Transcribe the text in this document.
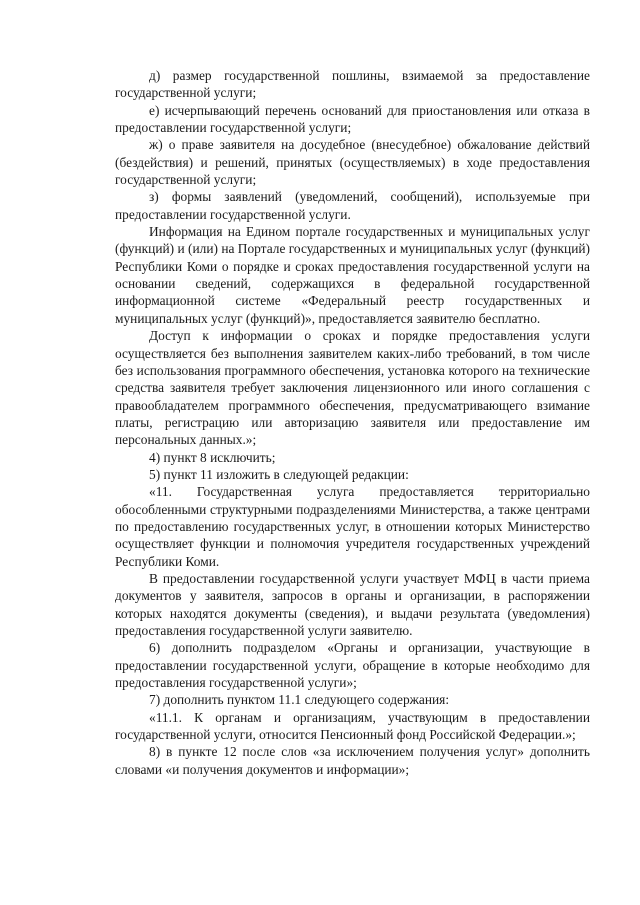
д) размер государственной пошлины, взимаемой за предоставление государственной услуги;

е) исчерпывающий перечень оснований для приостановления или отказа в предоставлении государственной услуги;

ж) о праве заявителя на досудебное (внесудебное) обжалование действий (бездействия) и решений, принятых (осуществляемых) в ходе предоставления государственной услуги;

з) формы заявлений (уведомлений, сообщений), используемые при предоставлении государственной услуги.

Информация на Едином портале государственных и муниципальных услуг (функций) и (или) на Портале государственных и муниципальных услуг (функций) Республики Коми о порядке и сроках предоставления государственной услуги на основании сведений, содержащихся в федеральной государственной информационной системе «Федеральный реестр государственных и муниципальных услуг (функций)», предоставляется заявителю бесплатно.

Доступ к информации о сроках и порядке предоставления услуги осуществляется без выполнения заявителем каких-либо требований, в том числе без использования программного обеспечения, установка которого на технические средства заявителя требует заключения лицензионного или иного соглашения с правообладателем программного обеспечения, предусматривающего взимание платы, регистрацию или авторизацию заявителя или предоставление им персональных данных.»;

4) пункт 8 исключить;

5) пункт 11 изложить в следующей редакции:

«11. Государственная услуга предоставляется территориально обособленными структурными подразделениями Министерства, а также центрами по предоставлению государственных услуг, в отношении которых Министерство осуществляет функции и полномочия учредителя государственных учреждений Республики Коми.

В предоставлении государственной услуги участвует МФЦ в части приема документов у заявителя, запросов в органы и организации, в распоряжении которых находятся документы (сведения), и выдачи результата (уведомления) предоставления государственной услуги заявителю.

6) дополнить подразделом «Органы и организации, участвующие в предоставлении государственной услуги, обращение в которые необходимо для предоставления государственной услуги»;

7) дополнить пунктом 11.1 следующего содержания:

«11.1. К органам и организациям, участвующим в предоставлении государственной услуги, относится Пенсионный фонд Российской Федерации.»;

8) в пункте 12 после слов «за исключением получения услуг» дополнить словами «и получения документов и информации»;
